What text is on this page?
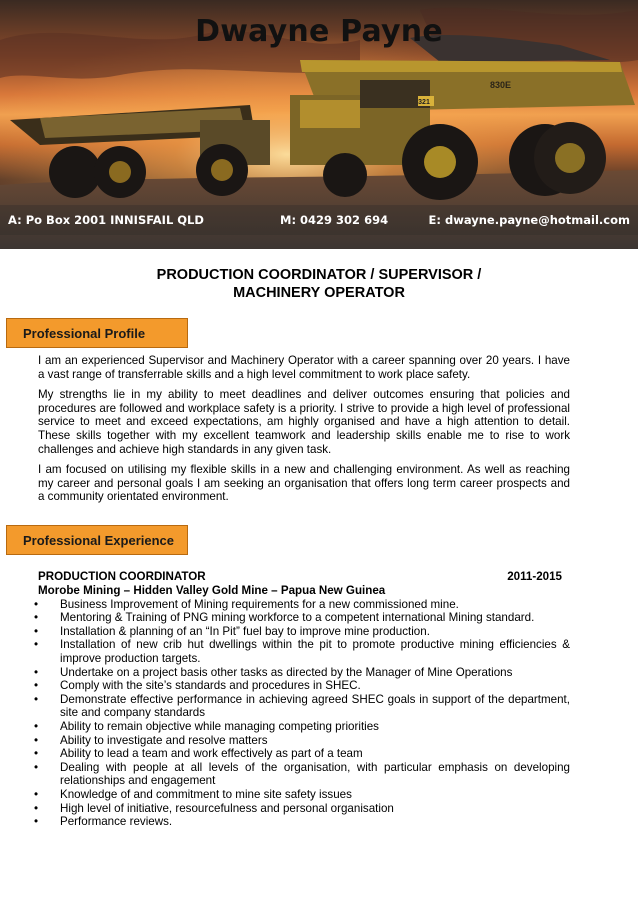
321
830E
Dwayne Payne
A: Po Box 2001 INNISFAIL QLD	M: 0429 302 694	E: dwayne.payne@hotmail.com
PRODUCTION COORDINATOR / SUPERVISOR /
MACHINERY OPERATOR
Professional Profile

I am an experienced Supervisor and Machinery Operator with a career spanning over 20 years. I have a vast range of transferrable skills and a high level commitment to work place safety.

My strengths lie in my ability to meet deadlines and deliver outcomes ensuring that policies and procedures are followed and workplace safety is a priority. I strive to provide a high level of professional service to meet and exceed expectations, am highly organised and have a high attention to detail. These skills together with my excellent teamwork and leadership skills enable me to rise to work challenges and achieve high standards in any given task.

I am focused on utilising my flexible skills in a new and challenging environment. As well as reaching my career and personal goals I am seeking an organisation that offers long term career prospects and a community orientated environment.

Professional Experience
PRODUCTION COORDINATOR	2011-2015
Morobe Mining – Hidden Valley Gold Mine – Papua New Guinea
• Business Improvement of Mining requirements for a new commissioned mine.
• Mentoring & Training of PNG mining workforce to a competent international Mining standard.
• Installation & planning of an “In Pit” fuel bay to improve mine production.
• Installation of new crib hut dwellings within the pit to promote productive mining efficiencies & improve production targets.
• Undertake on a project basis other tasks as directed by the Manager of Mine Operations
• Comply with the site’s standards and procedures in SHEC.
• Demonstrate effective performance in achieving agreed SHEC goals in support of the department, site and company standards
• Ability to remain objective while managing competing priorities
• Ability to investigate and resolve matters
• Ability to lead a team and work effectively as part of a team
• Dealing with people at all levels of the organisation, with particular emphasis on developing relationships and engagement
• Knowledge of and commitment to mine site safety issues
• High level of initiative, resourcefulness and personal organisation
• Performance reviews.
